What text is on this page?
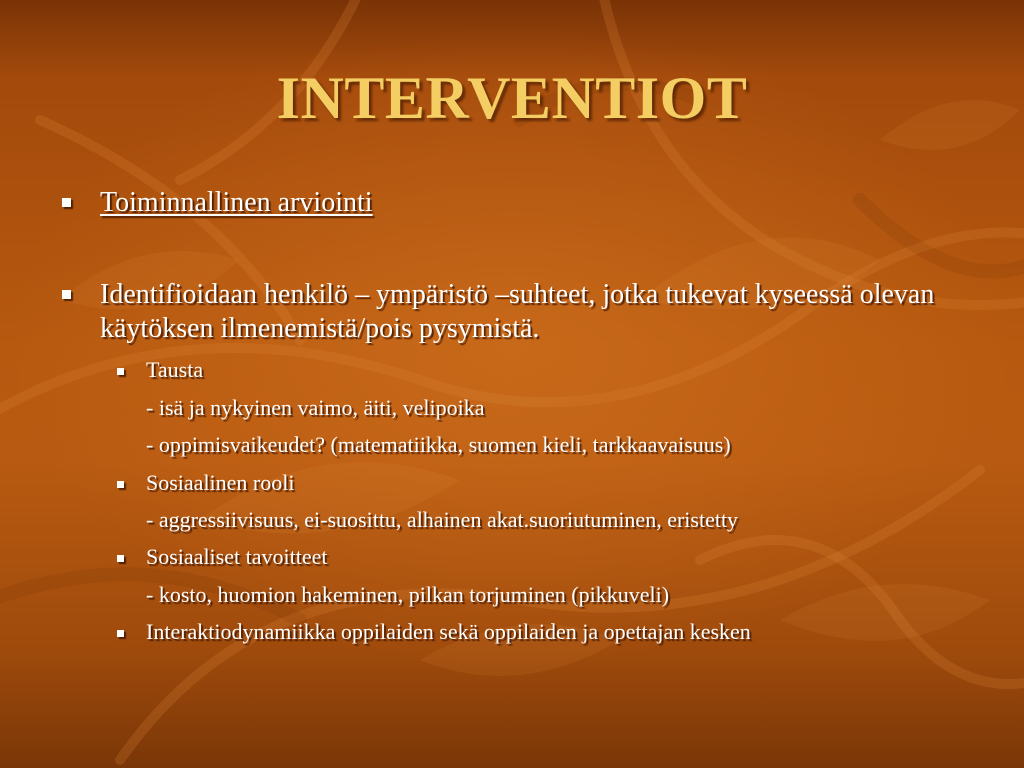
INTERVENTIOT
Toiminnallinen arviointi
Identifioidaan henkilö – ympäristö –suhteet, jotka tukevat kyseessä olevan käytöksen ilmenemistä/pois pysymistä.
Tausta
- isä ja nykyinen vaimo, äiti, velipoika
- oppimisvaikeudet? (matematiikka, suomen kieli, tarkkaavaisuus)
Sosiaalinen rooli
- aggressiivisuus, ei-suosittu, alhainen akat.suoriutuminen, eristetty
Sosiaaliset tavoitteet
- kosto, huomion hakeminen, pilkan torjuminen (pikkuveli)
Interaktiodynamiikka oppilaiden sekä oppilaiden ja opettajan kesken
